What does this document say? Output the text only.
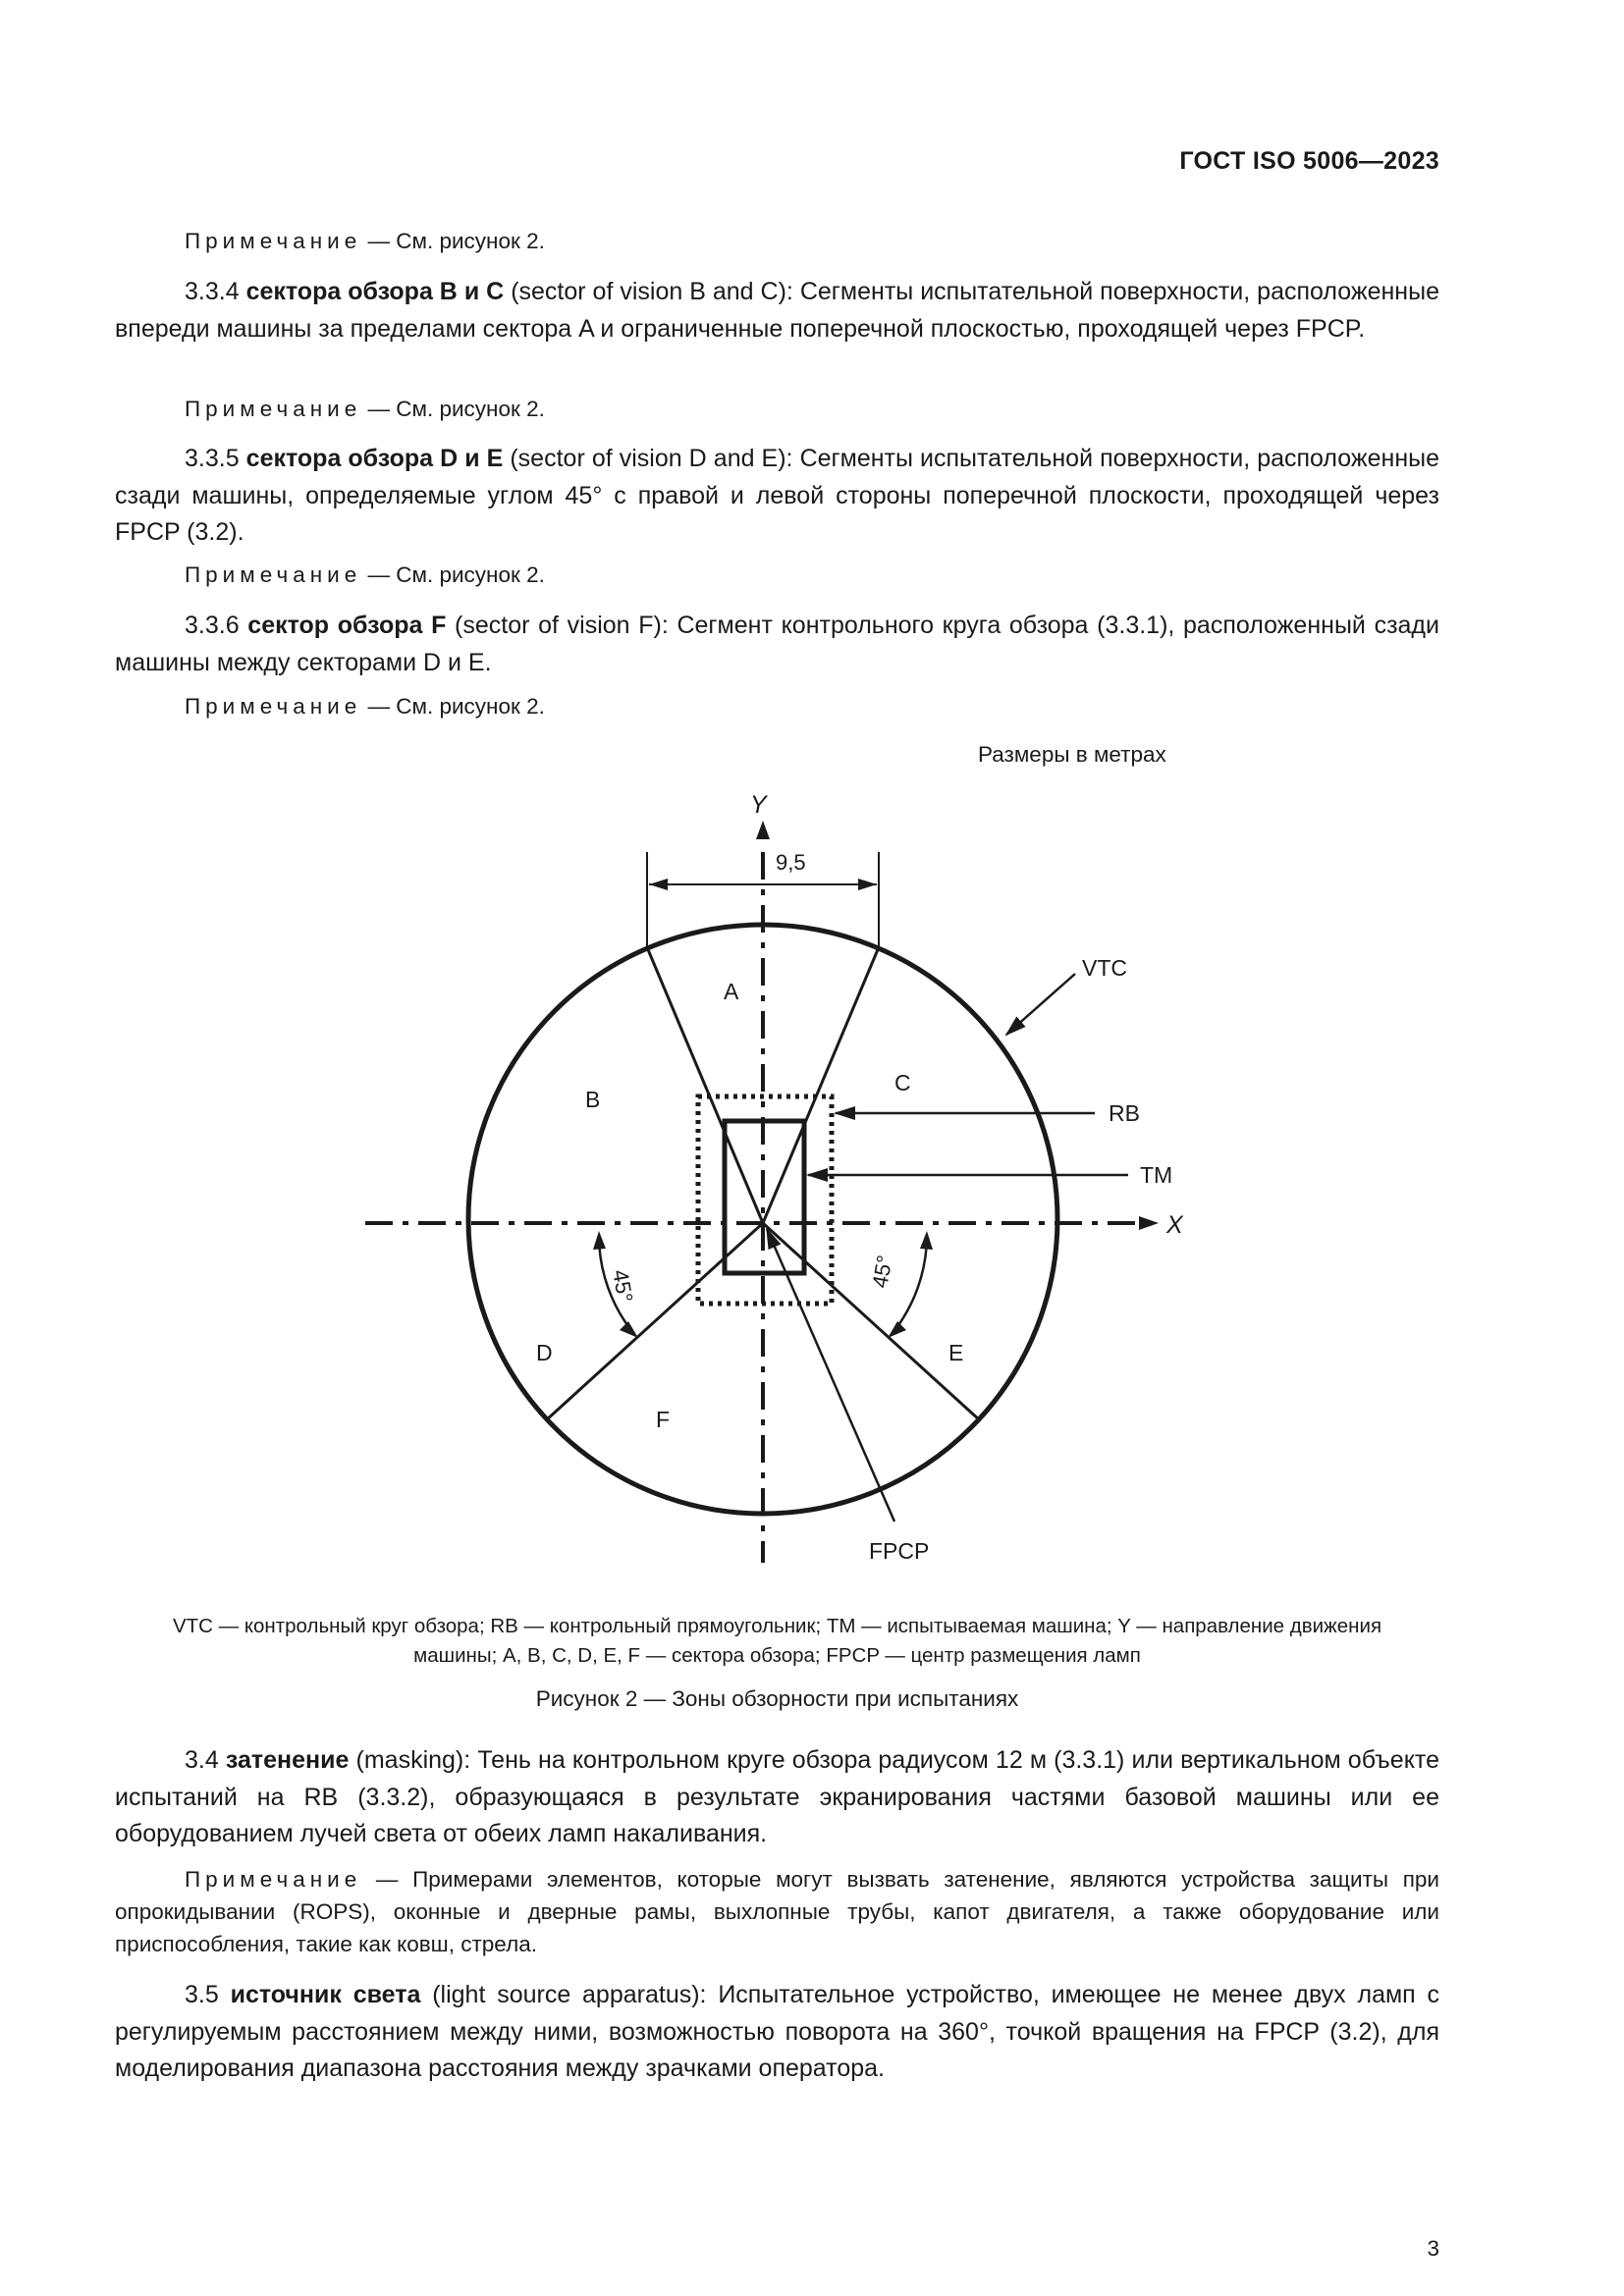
ГОСТ ISO 5006—2023
Примечание — См. рисунок 2.
3.3.4 сектора обзора B и C (sector of vision B and C): Сегменты испытательной поверхности, расположенные впереди машины за пределами сектора A и ограниченные поперечной плоскостью, проходящей через FPCP.
Примечание — См. рисунок 2.
3.3.5 сектора обзора D и E (sector of vision D and E): Сегменты испытательной поверхности, расположенные сзади машины, определяемые углом 45° с правой и левой стороны поперечной плоскости, проходящей через FPCP (3.2).
Примечание — См. рисунок 2.
3.3.6 сектор обзора F (sector of vision F): Сегмент контрольного круга обзора (3.3.1), расположенный сзади машины между секторами D и E.
Примечание — См. рисунок 2.
Размеры в метрах
Y
X
9,5
A
B
C
D	E
F
VTC
RB
TM
FPCP
45°	45°
VTC — контрольный круг обзора; RB — контрольный прямоугольник; TM — испытываемая машина; Y — направление движения
машины; A, B, C, D, E, F — сектора обзора; FPCP — центр размещения ламп
Рисунок 2 — Зоны обзорности при испытаниях
3.4 затенение (masking): Тень на контрольном круге обзора радиусом 12 м (3.3.1) или вертикальном объекте испытаний на RB (3.3.2), образующаяся в результате экранирования частями базовой машины или ее оборудованием лучей света от обеих ламп накаливания.
Примечание — Примерами элементов, которые могут вызвать затенение, являются устройства защиты при опрокидывании (ROPS), оконные и дверные рамы, выхлопные трубы, капот двигателя, а также оборудование или приспособления, такие как ковш, стрела.
3.5 источник света (light source apparatus): Испытательное устройство, имеющее не менее двух ламп с регулируемым расстоянием между ними, возможностью поворота на 360°, точкой вращения на FPCP (3.2), для моделирования диапазона расстояния между зрачками оператора.
3
